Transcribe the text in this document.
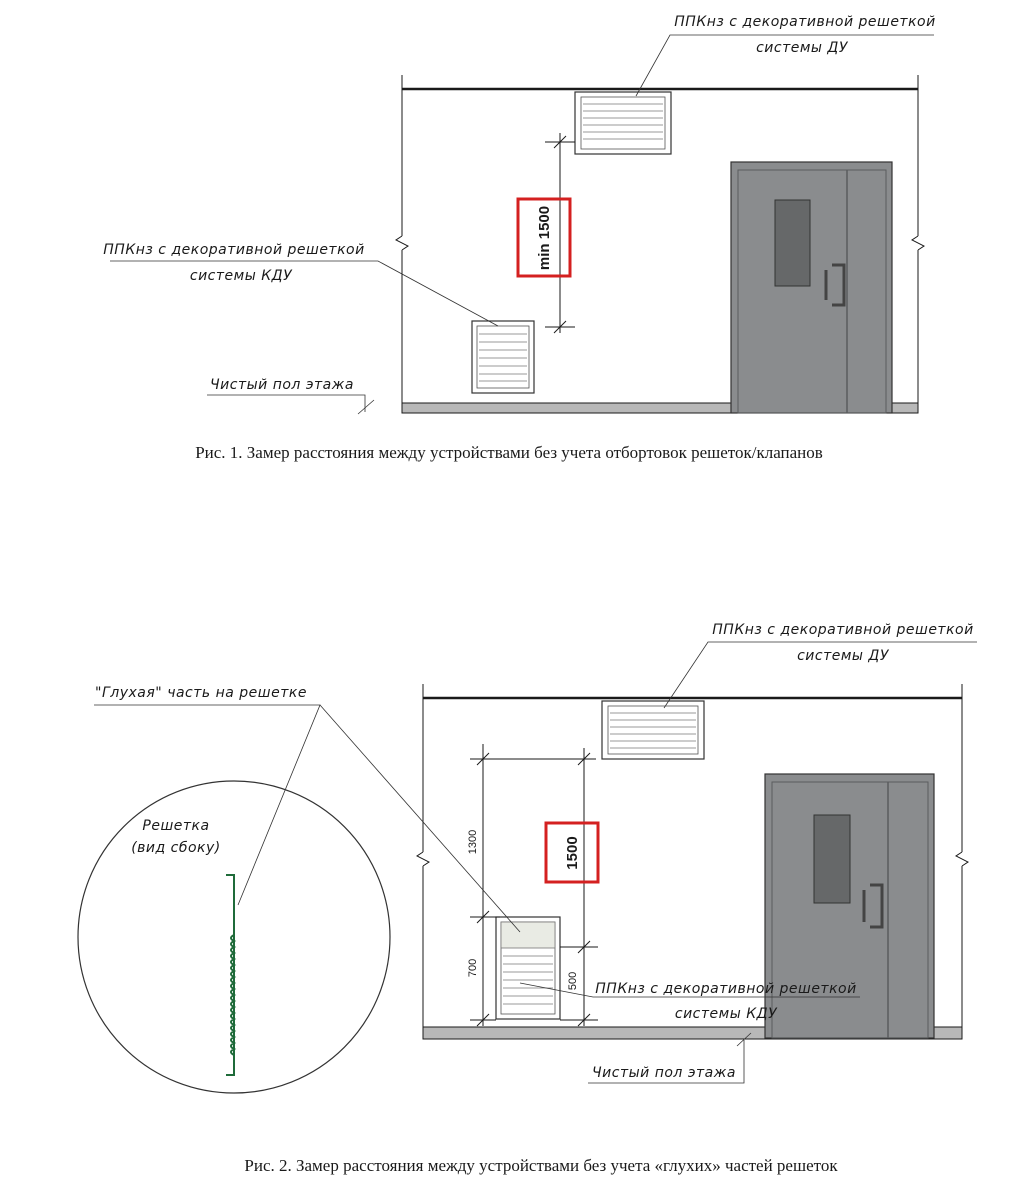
min 1500
ППКнз с декоративной решеткой
системы ДУ
ППКнз с декоративной решеткой
системы КДУ
Чистый пол этажа
Рис. 1. Замер расстояния между устройствами без учета отбортовок решеток/клапанов
1300
700
500
1500
ППКнз с декоративной решеткой
системы ДУ
"Глухая" часть на решетке
Решетка
(вид сбоку)
ППКнз с декоративной решеткой
системы КДУ
Чистый пол этажа
Рис. 2. Замер расстояния между устройствами без учета «глухих» частей решеток
